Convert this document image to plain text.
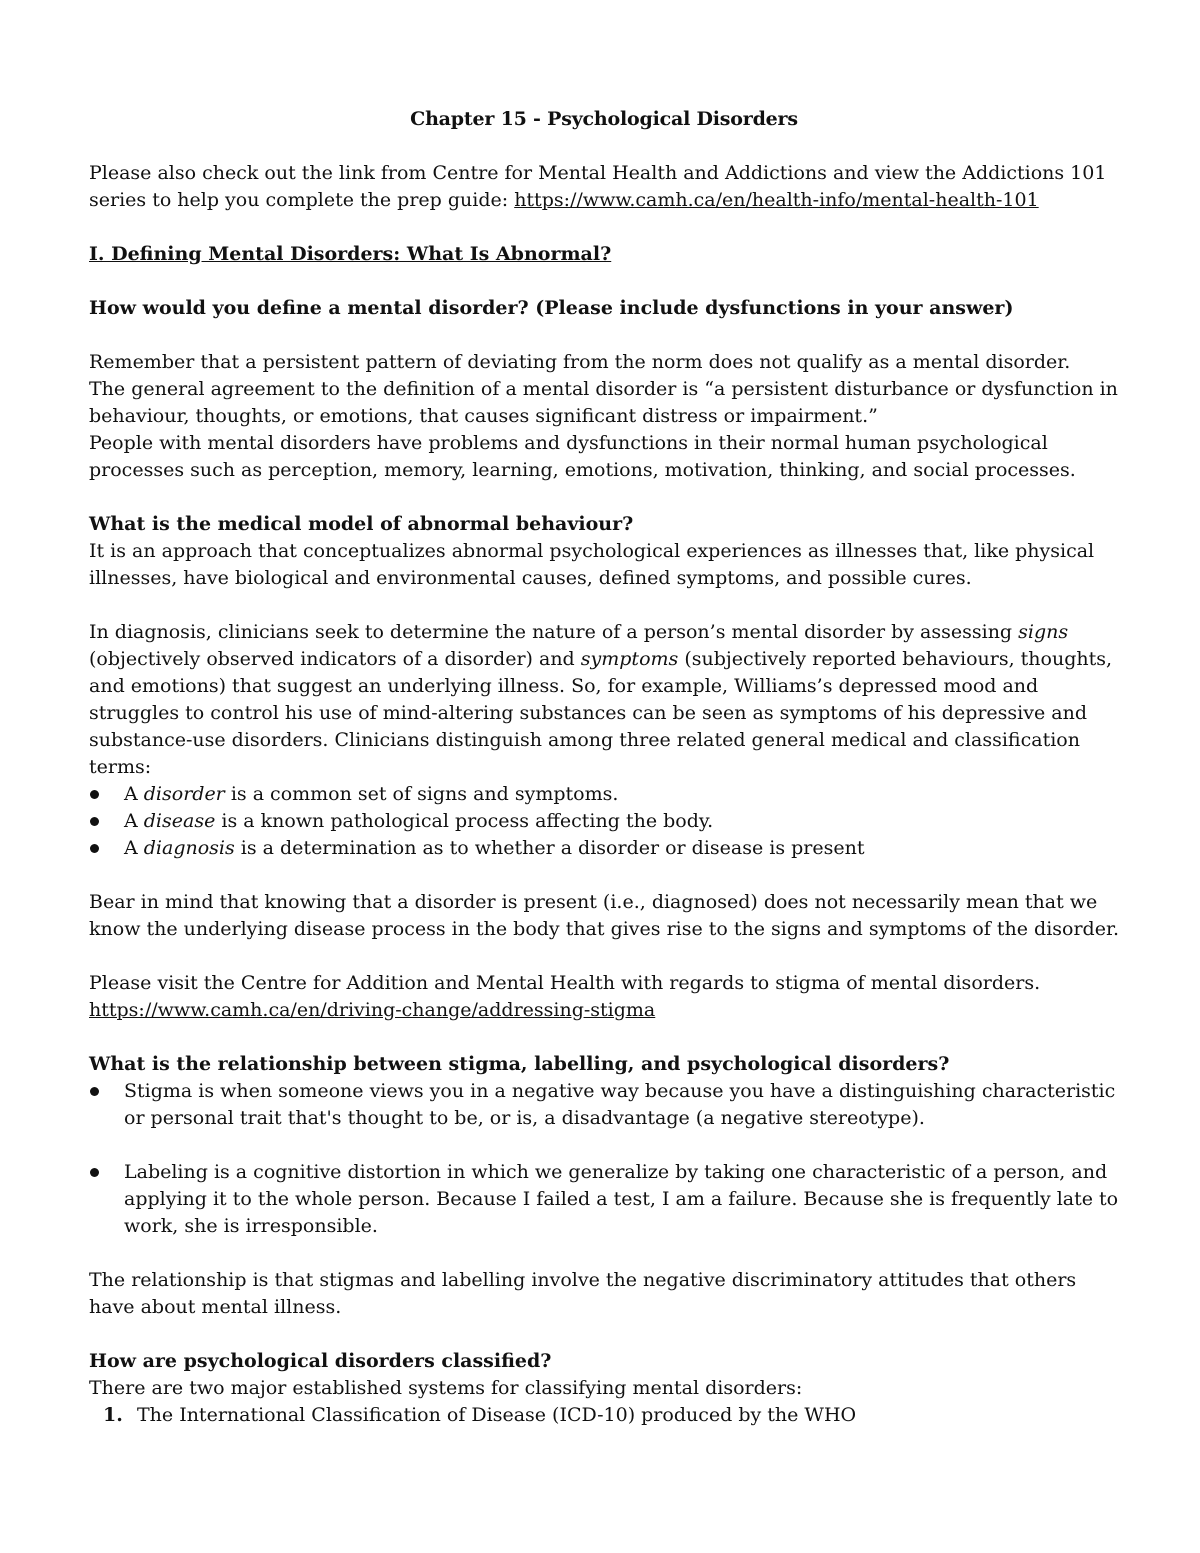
Chapter 15 - Psychological Disorders

Please also check out the link from Centre for Mental Health and Addictions and view the Addictions 101 series to help you complete the prep guide: https://www.camh.ca/en/health-info/mental-health-101

I. Defining Mental Disorders: What Is Abnormal?

How would you define a mental disorder? (Please include dysfunctions in your answer)

Remember that a persistent pattern of deviating from the norm does not qualify as a mental disorder.

The general agreement to the definition of a mental disorder is “a persistent disturbance or dysfunction in behaviour, thoughts, or emotions, that causes significant distress or impairment.”

People with mental disorders have problems and dysfunctions in their normal human psychological processes such as perception, memory, learning, emotions, motivation, thinking, and social processes.

What is the medical model of abnormal behaviour?

It is an approach that conceptualizes abnormal psychological experiences as illnesses that, like physical illnesses, have biological and environmental causes, defined symptoms, and possible cures.

In diagnosis, clinicians seek to determine the nature of a person’s mental disorder by assessing signs (objectively observed indicators of a disorder) and symptoms (subjectively reported behaviours, thoughts, and emotions) that suggest an underlying illness. So, for example, Williams’s depressed mood and struggles to control his use of mind-altering substances can be seen as symptoms of his depressive and substance-use disorders. Clinicians distinguish among three related general medical and classification terms:

A disorder is a common set of signs and symptoms.
A disease is a known pathological process affecting the body.
A diagnosis is a determination as to whether a disorder or disease is present

Bear in mind that knowing that a disorder is present (i.e., diagnosed) does not necessarily mean that we know the underlying disease process in the body that gives rise to the signs and symptoms of the disorder.

Please visit the Centre for Addition and Mental Health with regards to stigma of mental disorders.

https://www.camh.ca/en/driving-change/addressing-stigma

What is the relationship between stigma, labelling, and psychological disorders?

Stigma is when someone views you in a negative way because you have a distinguishing characteristic or personal trait that's thought to be, or is, a disadvantage (a negative stereotype).
Labeling is a cognitive distortion in which we generalize by taking one characteristic of a person, and applying it to the whole person. Because I failed a test, I am a failure. Because she is frequently late to work, she is irresponsible.

The relationship is that stigmas and labelling involve the negative discriminatory attitudes that others have about mental illness.

How are psychological disorders classified?

There are two major established systems for classifying mental disorders:

1. The International Classification of Disease (ICD-10) produced by the WHO
